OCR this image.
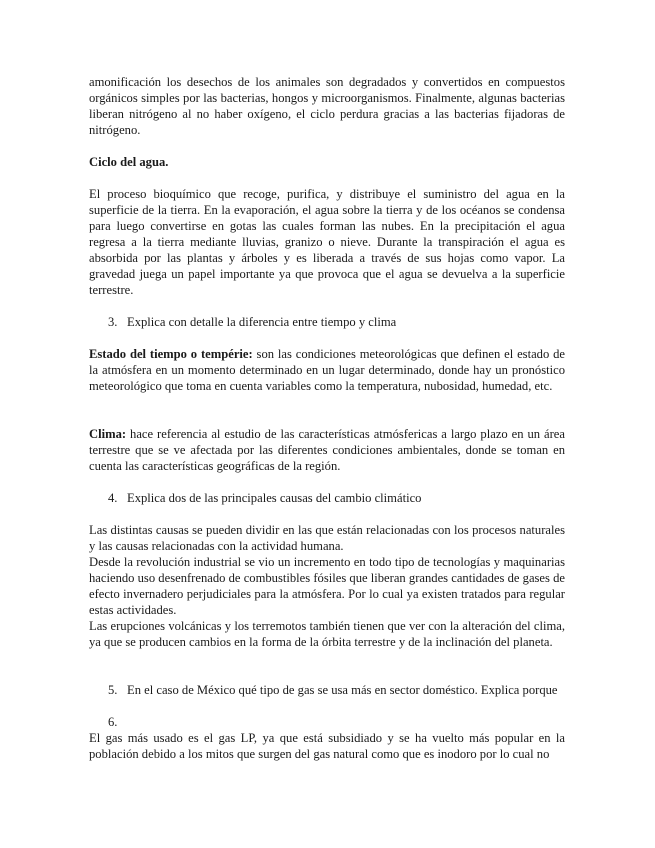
amonificación los desechos de los animales son degradados y convertidos en compuestos orgánicos simples por las bacterias, hongos y microorganismos. Finalmente, algunas bacterias liberan nitrógeno al no haber oxígeno, el ciclo perdura gracias a las bacterias fijadoras de nitrógeno.

Ciclo del agua.

El proceso bioquímico que recoge, purifica, y distribuye el suministro del agua en la superficie de la tierra. En la evaporación, el agua sobre la tierra y de los océanos se condensa para luego convertirse en gotas las cuales forman las nubes. En la precipitación el agua regresa a la tierra mediante lluvias, granizo o nieve. Durante la transpiración el agua es absorbida por las plantas y árboles y es liberada a través de sus hojas como vapor. La gravedad juega un papel importante ya que provoca que el agua se devuelva a la superficie terrestre.

3. Explica con detalle la diferencia entre tiempo y clima

Estado del tiempo o tempérie: son las condiciones meteorológicas que definen el estado de la atmósfera en un momento determinado en un lugar determinado, donde hay un pronóstico meteorológico que toma en cuenta variables como la temperatura, nubosidad, humedad, etc.

Clima: hace referencia al estudio de las características atmósfericas a largo plazo en un área terrestre que se ve afectada por las diferentes condiciones ambientales, donde se toman en cuenta las características geográficas de la región.

4. Explica dos de las principales causas del cambio climático

Las distintas causas se pueden dividir en las que están relacionadas con los procesos naturales y las causas relacionadas con la actividad humana.

Desde la revolución industrial se vio un incremento en todo tipo de tecnologías y maquinarias haciendo uso desenfrenado de combustibles fósiles que liberan grandes cantidades de gases de efecto invernadero perjudiciales para la atmósfera. Por lo cual ya existen tratados para regular estas actividades.

Las erupciones volcánicas y los terremotos también tienen que ver con la alteración del clima, ya que se producen cambios en la forma de la órbita terrestre y de la inclinación del planeta.

5. En el caso de México qué tipo de gas se usa más en sector doméstico. Explica porque
6.

El gas más usado es el gas LP, ya que está subsidiado y se ha vuelto más popular en la población debido a los mitos que surgen del gas natural como que es inodoro por lo cual no
